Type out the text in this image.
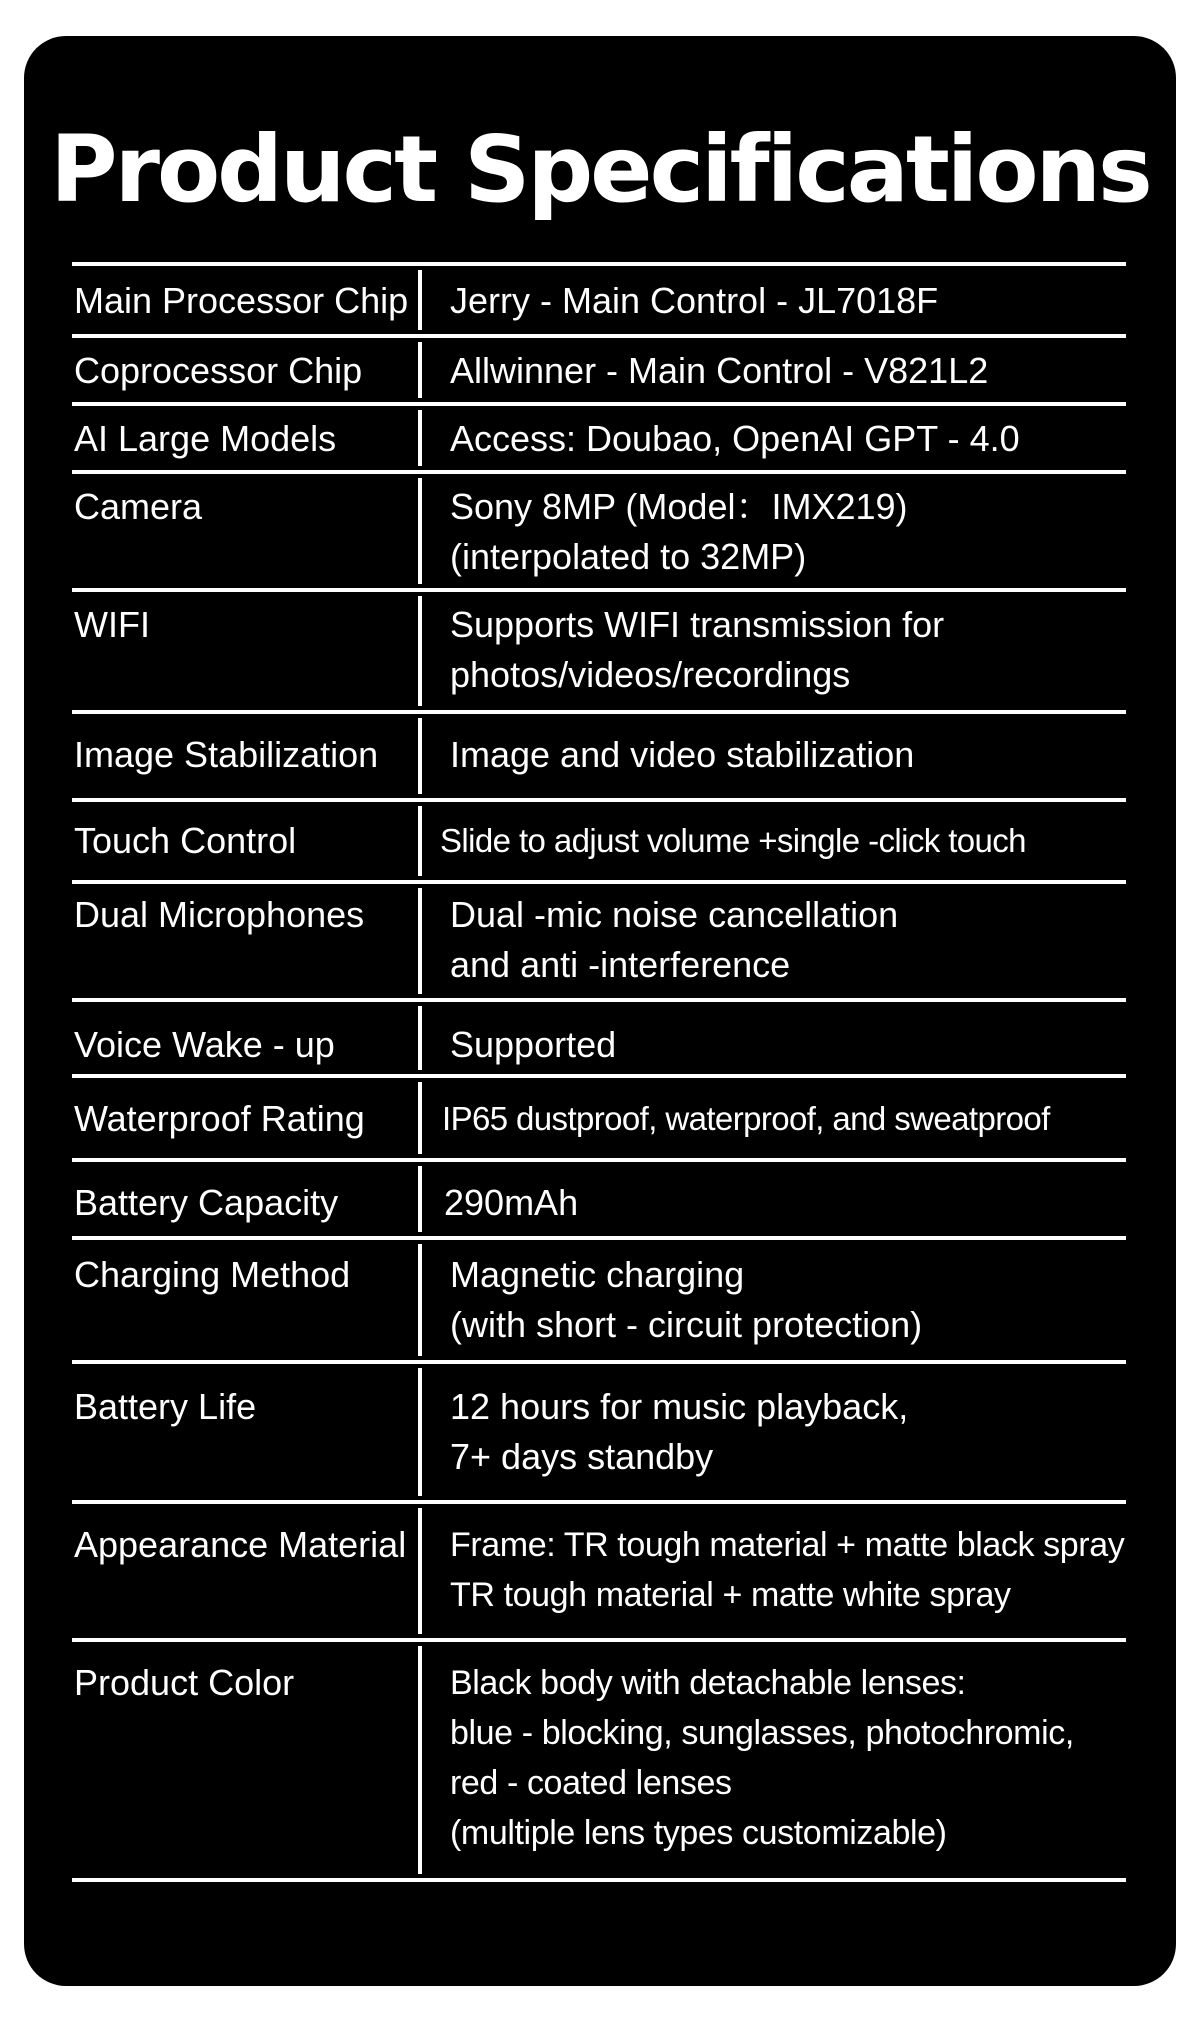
Product Specifications
Main Processor Chip	Jerry - Main Control - JL7018F
Coprocessor Chip	Allwinner - Main Control - V821L2
AI Large Models	Access: Doubao, OpenAI GPT - 4.0
Camera	Sony 8MP (Model：IMX219)
(interpolated to 32MP)
WIFI	Supports WIFI transmission for
photos/videos/recordings
Image Stabilization	Image and video stabilization
Touch Control	Slide to adjust volume +single -click touch
Dual Microphones	Dual -mic noise cancellation
and anti -interference
Voice Wake - up	Supported
Waterproof Rating	IP65 dustproof, waterproof, and sweatproof
Battery Capacity	290mAh
Charging Method	Magnetic charging
(with short - circuit protection)
Battery Life	12 hours for music playback,
7+ days standby
Appearance Material	Frame: TR tough material + matte black spray
TR tough material + matte white spray
Product Color	Black body with detachable lenses:
blue - blocking, sunglasses, photochromic,
red - coated lenses
(multiple lens types customizable)
